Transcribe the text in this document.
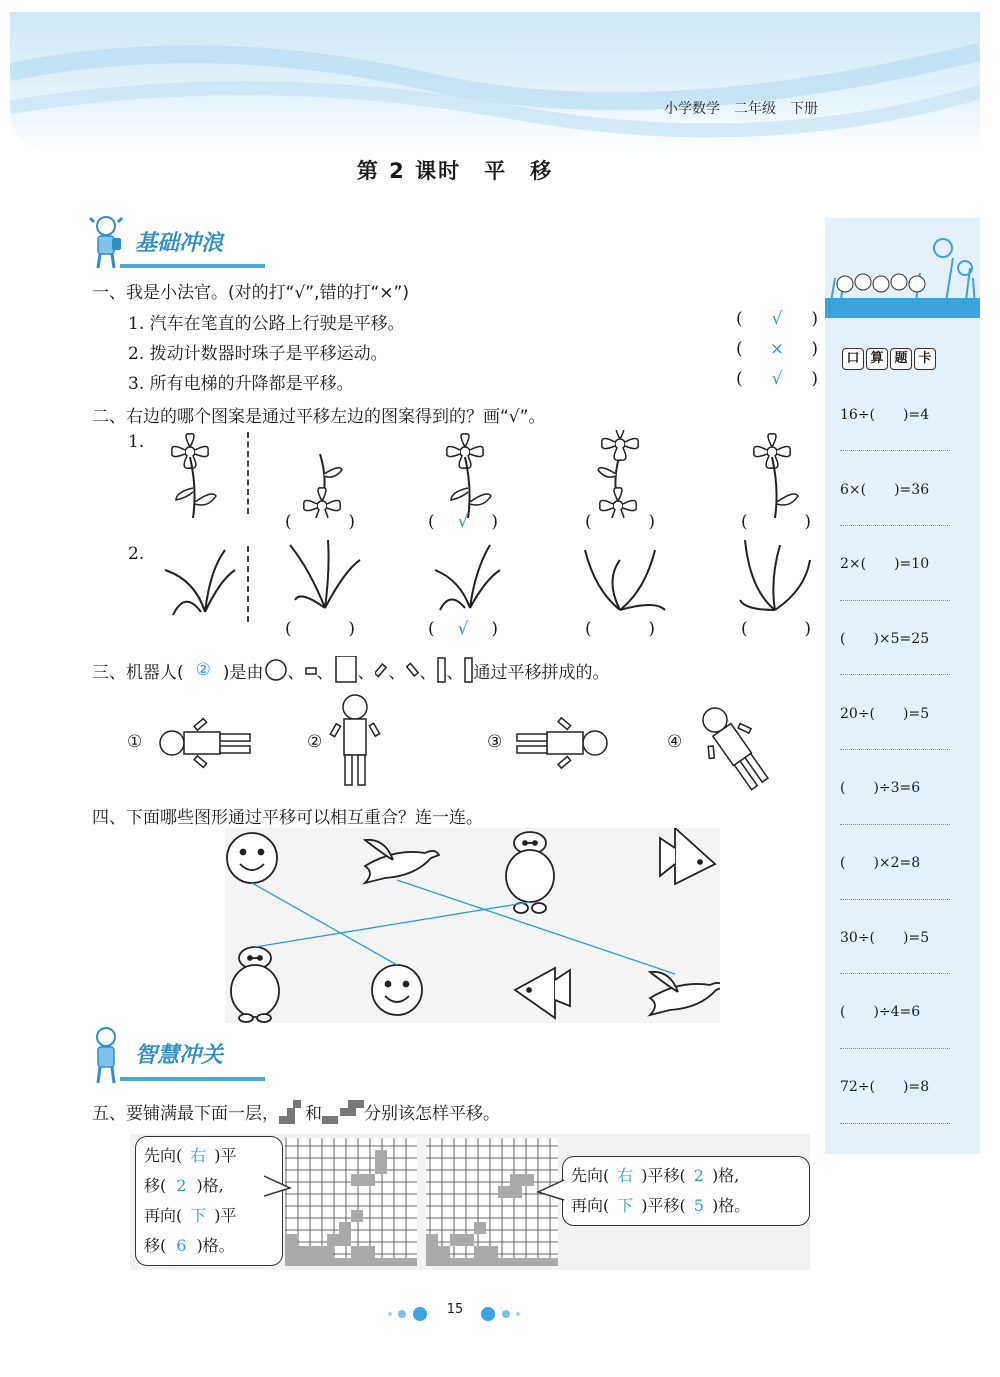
小学数学　二年级　下册
第 2 课时　平　移
基础冲浪
一、我是小法官。(对的打“√”,错的打“×”)
1. 汽车在笔直的公路上行驶是平移。
2. 拨动计数器时珠子是平移运动。
3. 所有电梯的升降都是平移。
( √ )
( × )
( √ )
二、右边的哪个图案是通过平移左边的图案得到的？画“√”。
1.
2.
(	)	( √ )	(	)	(	)
(	)	( √ )	(	)	(	)
三、机器人( ② )是由 、 、 、 、 、 、 通过平移拼成的。
①	②	③	④
四、下面哪些图形通过平移可以相互重合？连一连。
智慧冲关
五、要铺满最下面一层， 和 分别该怎样平移。
先向( 右 )平
移( 2 )格,
再向( 下 )平
移( 6 )格。
先向( 右 )平移( 2 )格,
再向( 下 )平移( 5 )格。
口 算 题 卡
16÷(　　)=4
6×(　　)=36
2×(　　)=10
(　　)×5=25
20÷(　　)=5
(　　)÷3=6
(　　)×2=8
30÷(　　)=5
(　　)÷4=6
72÷(　　)=8
15
